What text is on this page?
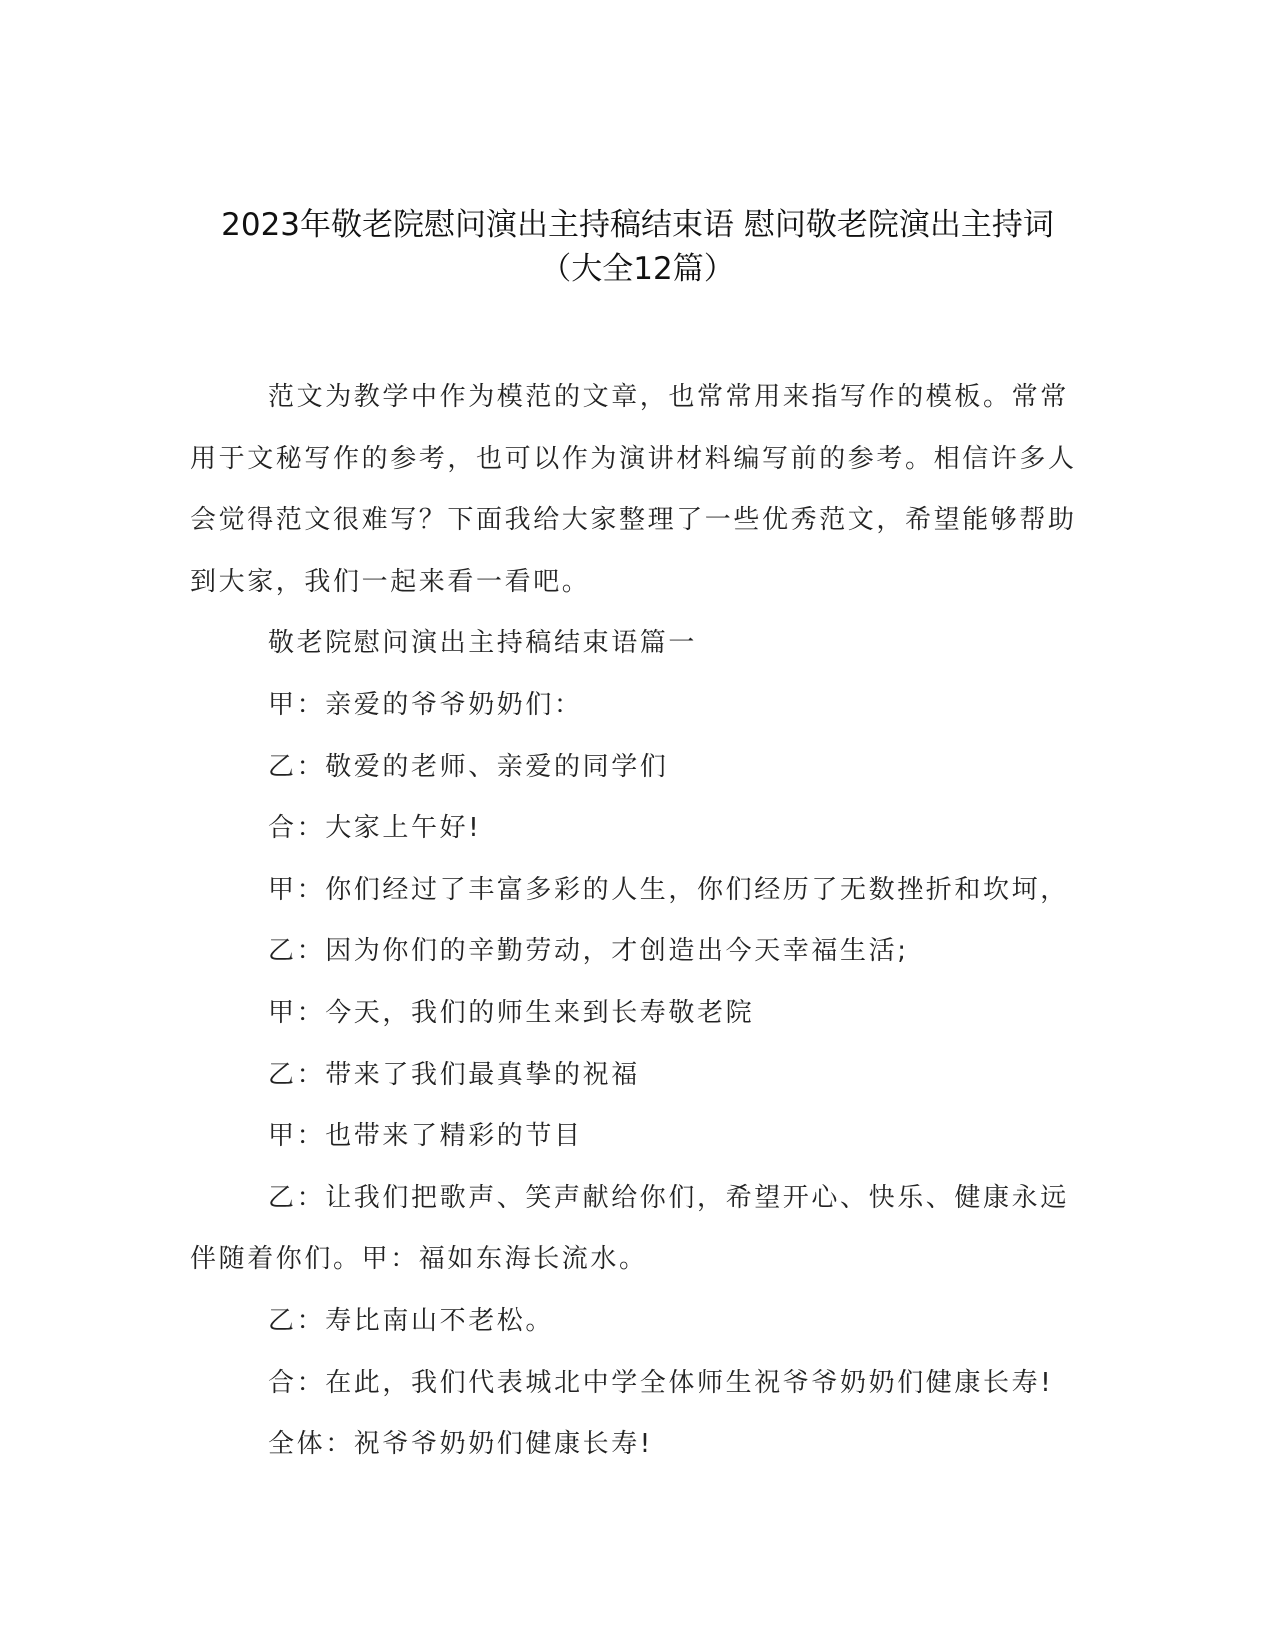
2023年敬老院慰问演出主持稿结束语 慰问敬老院演出主持词
（大全12篇）

范文为教学中作为模范的文章，也常常用来指写作的模板。常常用于文秘写作的参考，也可以作为演讲材料编写前的参考。相信许多人会觉得范文很难写？下面我给大家整理了一些优秀范文，希望能够帮助到大家，我们一起来看一看吧。

敬老院慰问演出主持稿结束语篇一

甲：亲爱的爷爷奶奶们：

乙：敬爱的老师、亲爱的同学们

合：大家上午好!

甲：你们经过了丰富多彩的人生，你们经历了无数挫折和坎坷，

乙：因为你们的辛勤劳动，才创造出今天幸福生活;

甲：今天，我们的师生来到长寿敬老院

乙：带来了我们最真挚的祝福

甲：也带来了精彩的节目

乙：让我们把歌声、笑声献给你们，希望开心、快乐、健康永远伴随着你们。甲：福如东海长流水。

乙：寿比南山不老松。

合：在此，我们代表城北中学全体师生祝爷爷奶奶们健康长寿!

全体：祝爷爷奶奶们健康长寿!
